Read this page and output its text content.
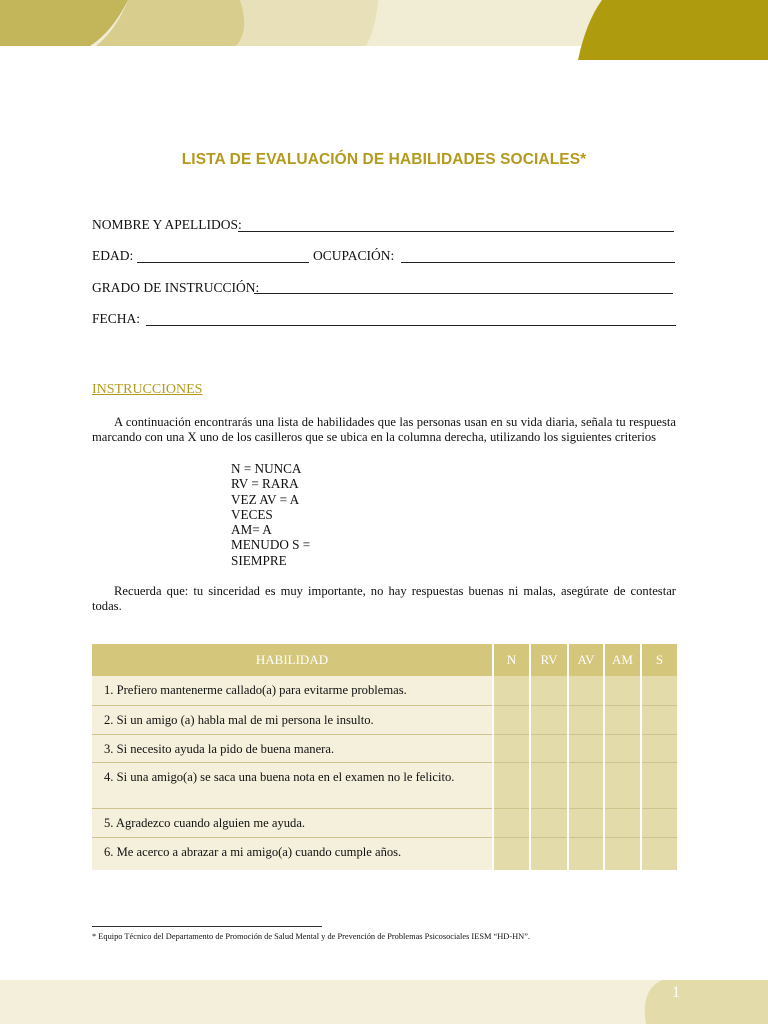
LISTA DE EVALUACIÓN DE HABILIDADES SOCIALES*
NOMBRE Y APELLIDOS:
EDAD:	OCUPACIÓN:
GRADO DE INSTRUCCIÓN:
FECHA:
INSTRUCCIONES
A continuación encontrarás una lista de habilidades que las personas usan en su vida diaria, señala tu respuesta marcando con una X uno de los casilleros que se ubica en la columna derecha, utilizando los siguientes criterios
N = NUNCA
RV = RARA
VEZ AV = A
VECES
AM= A
MENUDO S =
SIEMPRE
Recuerda que: tu sinceridad es muy importante, no hay respuestas buenas ni malas, asegúrate de contestar todas.
HABILIDAD	N	RV	AV	AM	S

1. Prefiero mantenerme callado(a) para evitarme problemas.					

2. Si un amigo (a) habla mal de mi persona le insulto.					

3. Si necesito ayuda la pido de buena manera.					

4. Si una amigo(a) se saca una buena nota en el examen no le felicito.					

5. Agradezco cuando alguien me ayuda.					

6. Me acerco a abrazar a mi amigo(a) cuando cumple años.					

* Equipo Técnico del Departamento de Promoción de Salud Mental y de Prevención de Problemas Psicosociales IESM “HD-HN”.
1
